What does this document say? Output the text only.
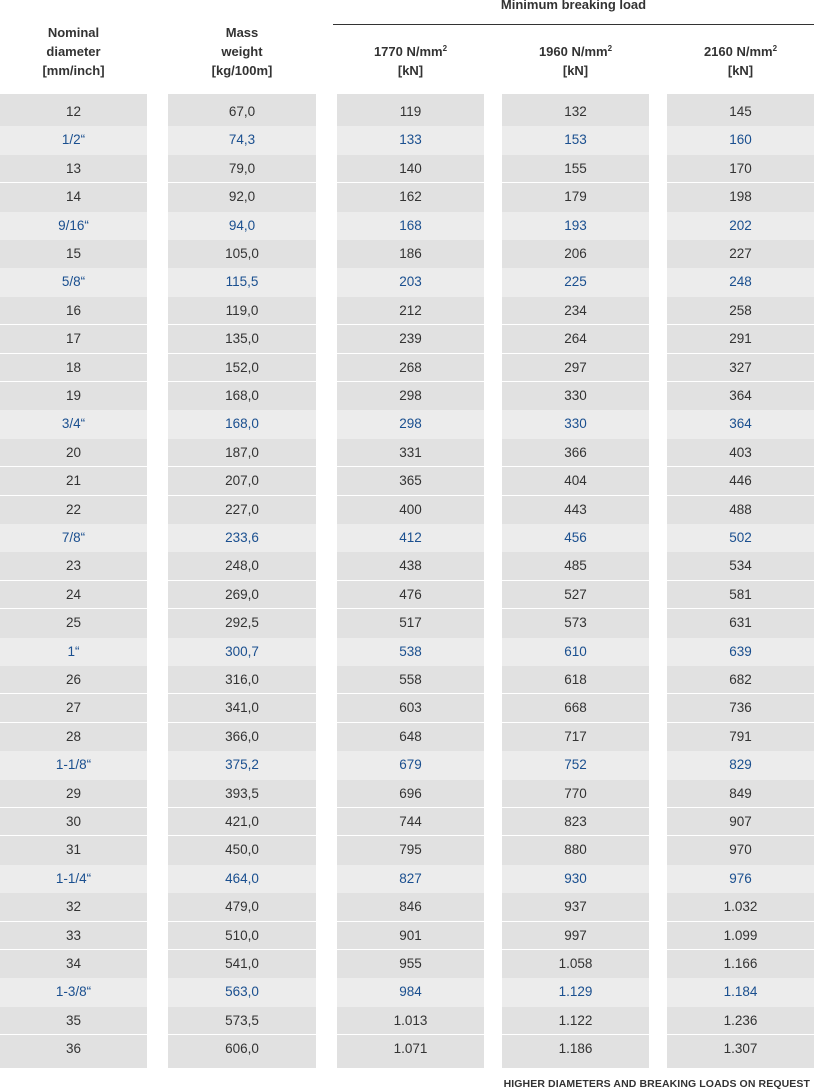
Minimum breaking load
Nominal
diameter
[mm/inch]
Mass
weight
[kg/100m]
1770 $N/mm^2$
[kN]
1960 $N/mm^2$
[kN]
2160 $N/mm^2$
[kN]
12	67,0	119	132	145
1/2“	74,3	133	153	160
13	79,0	140	155	170
14	92,0	162	179	198
9/16“	94,0	168	193	202
15	105,0	186	206	227
5/8“	115,5	203	225	248
16	119,0	212	234	258
17	135,0	239	264	291
18	152,0	268	297	327
19	168,0	298	330	364
3/4“	168,0	298	330	364
20	187,0	331	366	403
21	207,0	365	404	446
22	227,0	400	443	488
7/8“	233,6	412	456	502
23	248,0	438	485	534
24	269,0	476	527	581
25	292,5	517	573	631
1“	300,7	538	610	639
26	316,0	558	618	682
27	341,0	603	668	736
28	366,0	648	717	791
1-1/8“	375,2	679	752	829
29	393,5	696	770	849
30	421,0	744	823	907
31	450,0	795	880	970
1-1/4“	464,0	827	930	976
32	479,0	846	937	1.032
33	510,0	901	997	1.099
34	541,0	955	1.058	1.166
1-3/8“	563,0	984	1.129	1.184
35	573,5	1.013	1.122	1.236
36	606,0	1.071	1.186	1.307
HIGHER DIAMETERS AND BREAKING LOADS ON REQUEST
